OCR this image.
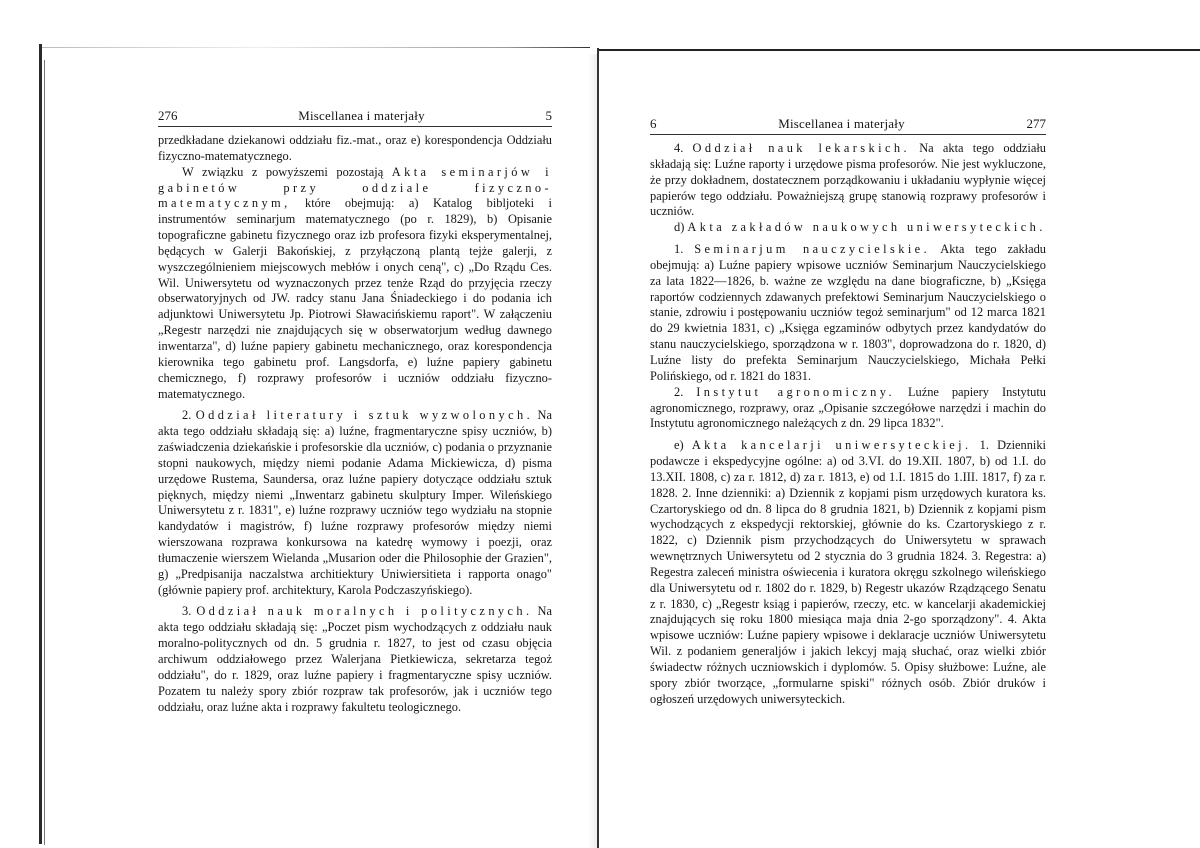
276	Miscellanea i materjały	5

przedkładane dziekanowi oddziału fiz.-mat., oraz e) korespondencja Oddziału fizyczno-matematycznego.

W związku z powyższemi pozostają Akta seminarjów i gabinetów przy oddziale fizyczno-matematycznym, które obejmują: a) Katalog bibljoteki i instrumentów seminarjum matematycznego (po r. 1829), b) Opisanie topograficzne gabinetu fizycznego oraz izb profesora fizyki eksperymentalnej, będących w Galerji Bakońskiej, z przyłączoną plantą tejże galerji, z wyszczególnieniem miejscowych mebłów i onych ceną", c) „Do Rządu Ces. Wil. Uniwersytetu od wyznaczonych przez tenże Rząd do przyjęcia rzeczy obserwatoryjnych od JW. radcy stanu Jana Śniadeckiego i do podania ich adjunktowi Uniwersytetu Jp. Piotrowi Sławacińskiemu raport". W załączeniu „Regestr narzędzi nie znajdujących się w obserwatorjum według dawnego inwentarza", d) luźne papiery gabinetu mechanicznego, oraz korespondencja kierownika tego gabinetu prof. Langsdorfa, e) luźne papiery gabinetu chemicznego, f) rozprawy profesorów i uczniów oddziału fizyczno-matematycznego.

2. Oddział literatury i sztuk wyzwolonych. Na akta tego oddziału składają się: a) luźne, fragmentaryczne spisy uczniów, b) zaświadczenia dziekańskie i profesorskie dla uczniów, c) podania o przyznanie stopni naukowych, między niemi podanie Adama Mickiewicza, d) pisma urzędowe Rustema, Saundersa, oraz luźne papiery dotyczące oddziału sztuk pięknych, między niemi „Inwentarz gabinetu skulptury Imper. Wileńskiego Uniwersytetu z r. 1831", e) luźne rozprawy uczniów tego wydziału na stopnie kandydatów i magistrów, f) luźne rozprawy profesorów między niemi wierszowana rozprawa konkursowa na katedrę wymowy i poezji, oraz tłumaczenie wierszem Wielanda „Musarion oder die Philosophie der Grazien", g) „Predpisanija naczalstwa architiektury Uniwiersitieta i rapporta onago" (głównie papiery prof. architektury, Karola Podczaszyńskiego).

3. Oddział nauk moralnych i politycznych. Na akta tego oddziału składają się: „Poczet pism wychodzących z oddziału nauk moralno-politycznych od dn. 5 grudnia r. 1827, to jest od czasu objęcia archiwum oddziałowego przez Walerjana Pietkiewicza, sekretarza tegoż oddziału", do r. 1829, oraz luźne papiery i fragmentaryczne spisy uczniów. Pozatem tu należy spory zbiór rozpraw tak profesorów, jak i uczniów tego oddziału, oraz luźne akta i rozprawy fakultetu teologicznego.

6	Miscellanea i materjały	277

4. Oddział nauk lekarskich. Na akta tego oddziału składają się: Luźne raporty i urzędowe pisma profesorów. Nie jest wykluczone, że przy dokładnem, dostatecznem porządkowaniu i układaniu wypłynie więcej papierów tego oddziału. Poważniejszą grupę stanowią rozprawy profesorów i uczniów.

d) Akta zakładów naukowych uniwersyteckich.

1. Seminarjum nauczycielskie. Akta tego zakładu obejmują: a) Luźne papiery wpisowe uczniów Seminarjum Nauczycielskiego za lata 1822—1826, b. ważne ze względu na dane biograficzne, b) „Księga raportów codziennych zdawanych prefektowi Seminarjum Nauczycielskiego o stanie, zdrowiu i postępowaniu uczniów tegoż seminarjum" od 12 marca 1821 do 29 kwietnia 1831, c) „Księga egzaminów odbytych przez kandydatów do stanu nauczycielskiego, sporządzona w r. 1803", doprowadzona do r. 1820, d) Luźne listy do prefekta Seminarjum Nauczycielskiego, Michała Pełki Polińskiego, od r. 1821 do 1831.

2. Instytut agronomiczny. Luźne papiery Instytutu agronomicznego, rozprawy, oraz „Opisanie szczegółowe narzędzi i machin do Instytutu agronomicznego należących z dn. 29 lipca 1832".

e) Akta kancelarji uniwersyteckiej. 1. Dzienniki podawcze i ekspedycyjne ogólne: a) od 3.VI. do 19.XII. 1807, b) od 1.I. do 13.XII. 1808, c) za r. 1812, d) za r. 1813, e) od 1.I. 1815 do 1.III. 1817, f) za r. 1828. 2. Inne dzienniki: a) Dziennik z kopjami pism urzędowych kuratora ks. Czartoryskiego od dn. 8 lipca do 8 grudnia 1821, b) Dziennik z kopjami pism wychodzących z ekspedycji rektorskiej, głównie do ks. Czartoryskiego z r. 1822, c) Dziennik pism przychodzących do Uniwersytetu w sprawach wewnętrznych Uniwersytetu od 2 stycznia do 3 grudnia 1824. 3. Regestra: a) Regestra zaleceń ministra oświecenia i kuratora okręgu szkolnego wileńskiego dla Uniwersytetu od r. 1802 do r. 1829, b) Regestr ukazów Rządzącego Senatu z r. 1830, c) „Regestr ksiąg i papierów, rzeczy, etc. w kancelarji akademickiej znajdujących się roku 1800 miesiąca maja dnia 2-go sporządzony". 4. Akta wpisowe uczniów: Luźne papiery wpisowe i deklaracje uczniów Uniwersytetu Wil. z podaniem generaljów i jakich lekcyj mają słuchać, oraz wielki zbiór świadectw różnych uczniowskich i dyplomów. 5. Opisy służbowe: Luźne, ale spory zbiór tworzące, „formularne spiski" różnych osób. Zbiór druków i ogłoszeń urzędowych uniwersyteckich.
